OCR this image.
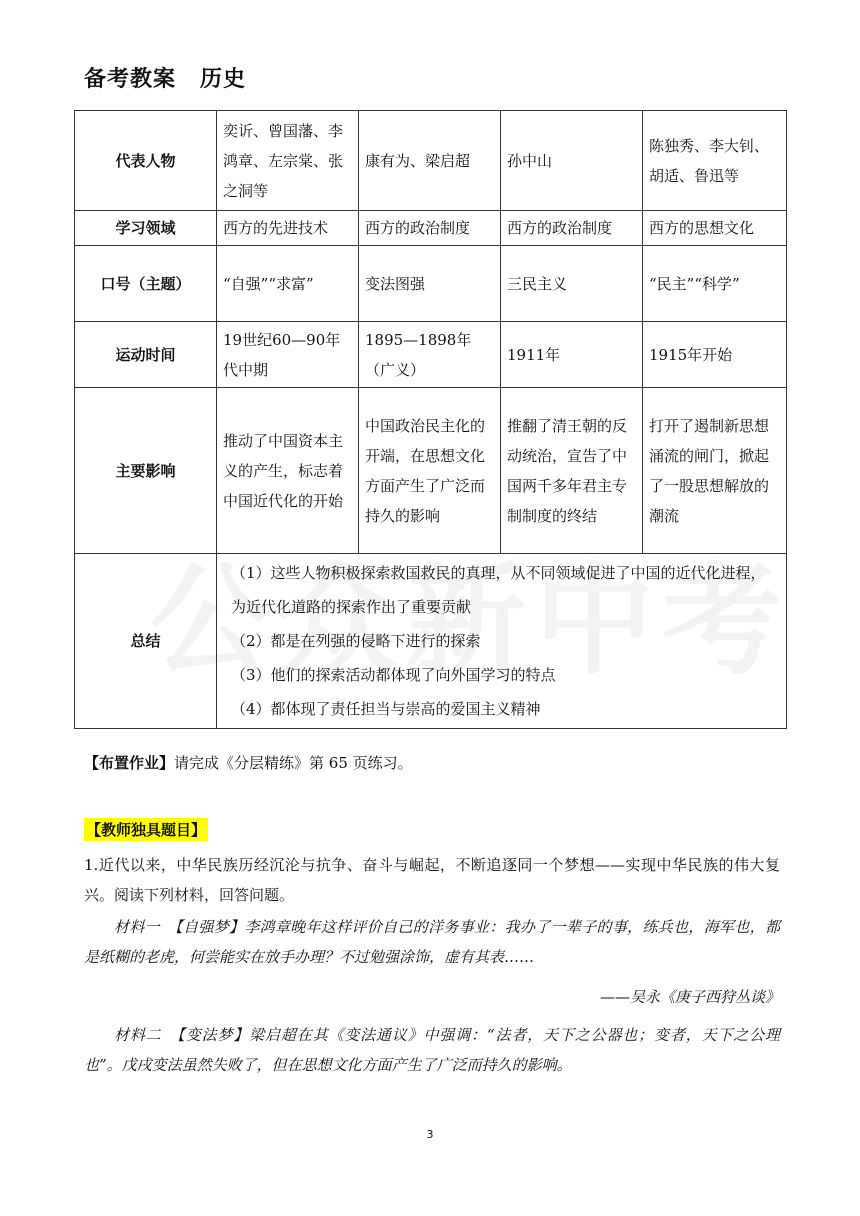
备考教案 历史
代表人物	奕䜣、曾国藩、李鸿章、左宗棠、张之洞等	康有为、梁启超	孙中山	陈独秀、李大钊、胡适、鲁迅等
学习领域	西方的先进技术	西方的政治制度	西方的政治制度	西方的思想文化
口号（主题）	“自强”“求富”	变法图强	三民主义	“民主”“科学”
运动时间	19世纪60—90年代中期	1895—1898年（广义）	1911年	1915年开始
主要影响	推动了中国资本主义的产生，标志着中国近代化的开始	中国政治民主化的开端，在思想文化方面产生了广泛而持久的影响	推翻了清王朝的反动统治，宣告了中国两千多年君主专制制度的终结	打开了遏制新思想涌流的闸门，掀起了一股思想解放的潮流
总结	（1）这些人物积极探索救国救民的真理，从不同领域促进了中国的近代化进程，为近代化道路的探索作出了重要贡献

（2）都是在列强的侵略下进行的探索

（3）他们的探索活动都体现了向外国学习的特点

（4）都体现了责任担当与崇高的爱国主义精神			

【布置作业】请完成《分层精练》第 65 页练习。
【教师独具题目】
1.近代以来，中华民族历经沉沦与抗争、奋斗与崛起，不断追逐同一个梦想——实现中华民族的伟大复兴。阅读下列材料，回答问题。
材料一　【自强梦】李鸿章晚年这样评价自己的洋务事业：我办了一辈子的事，练兵也，海军也，都是纸糊的老虎，何尝能实在放手办理？不过勉强涂饰，虚有其表……
——吴永《庚子西狩丛谈》
材料二　【变法梦】梁启超在其《变法通议》中强调：“法者，天下之公器也；变者，天下之公理也”。戊戌变法虽然失败了，但在思想文化方面产生了广泛而持久的影响。
3
